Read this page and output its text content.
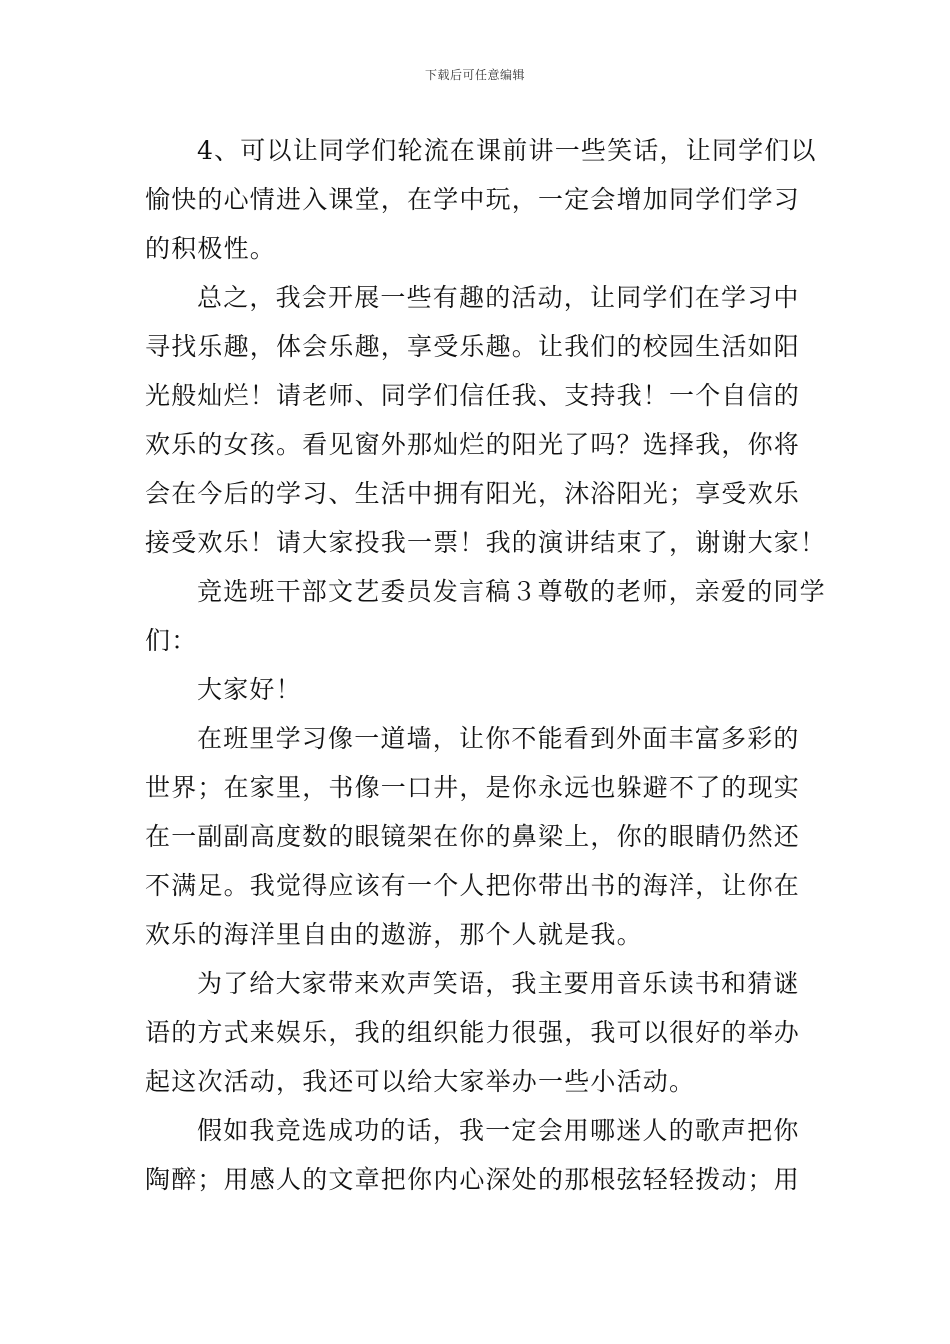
下载后可任意编辑
4、可以让同学们轮流在课前讲一些笑话，让同学们以
愉快的心情进入课堂，在学中玩，一定会增加同学们学习
的积极性。
总之，我会开展一些有趣的活动，让同学们在学习中
寻找乐趣，体会乐趣，享受乐趣。让我们的校园生活如阳
光般灿烂！请老师、同学们信任我、支持我！一个自信的
欢乐的女孩。看见窗外那灿烂的阳光了吗？选择我，你将
会在今后的学习、生活中拥有阳光，沐浴阳光；享受欢乐
接受欢乐！请大家投我一票！我的演讲结束了，谢谢大家！
竞选班干部文艺委员发言稿３尊敬的老师，亲爱的同学
们：
大家好！
在班里学习像一道墙，让你不能看到外面丰富多彩的
世界；在家里，书像一口井，是你永远也躲避不了的现实
在一副副高度数的眼镜架在你的鼻梁上，你的眼睛仍然还
不满足。我觉得应该有一个人把你带出书的海洋，让你在
欢乐的海洋里自由的遨游，那个人就是我。
为了给大家带来欢声笑语，我主要用音乐读书和猜谜
语的方式来娱乐，我的组织能力很强，我可以很好的举办
起这次活动，我还可以给大家举办一些小活动。
假如我竞选成功的话，我一定会用哪迷人的歌声把你
陶醉；用感人的文章把你内心深处的那根弦轻轻拨动；用
